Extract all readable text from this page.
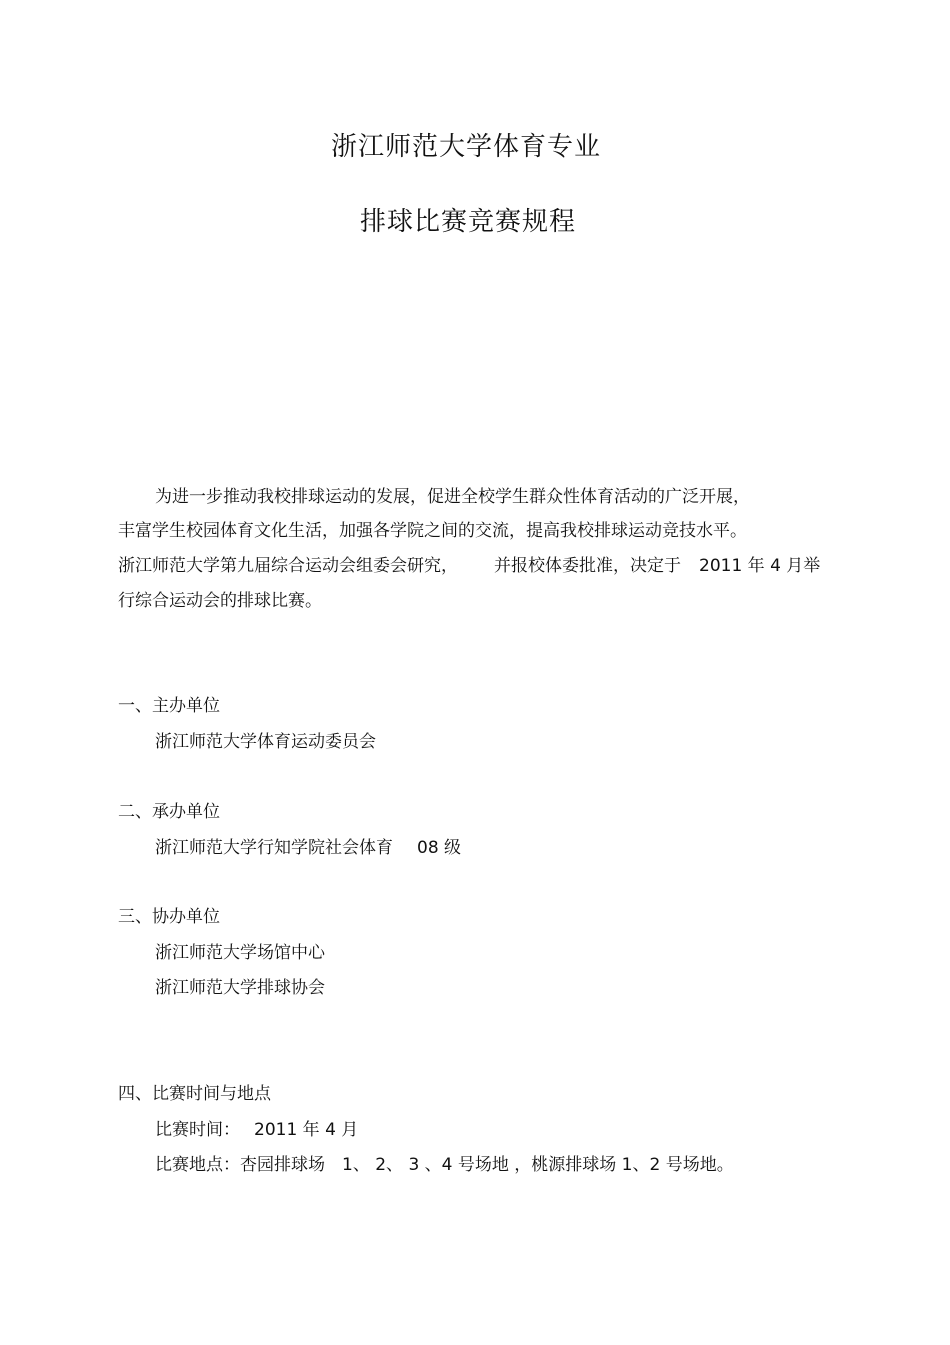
浙江师范大学体育专业
排球比赛竞赛规程
为进一步推动我校排球运动的发展，促进全校学生群众性体育活动的广泛开展，
丰富学生校园体育文化生活，加强各学院之间的交流，提高我校排球运动竞技水平。
浙江师范大学第九届综合运动会组委会研究， 并报校体委批准，决定于 2011 年 4 月举
行综合运动会的排球比赛。
一、主办单位
浙江师范大学体育运动委员会
二、承办单位
浙江师范大学行知学院社会体育 08 级
三、协办单位
浙江师范大学场馆中心
浙江师范大学排球协会
四、比赛时间与地点
比赛时间： 2011 年 4 月
比赛地点：杏园排球场　1、 2、 3 、4 号场地 ，桃源排球场 1、2 号场地。
